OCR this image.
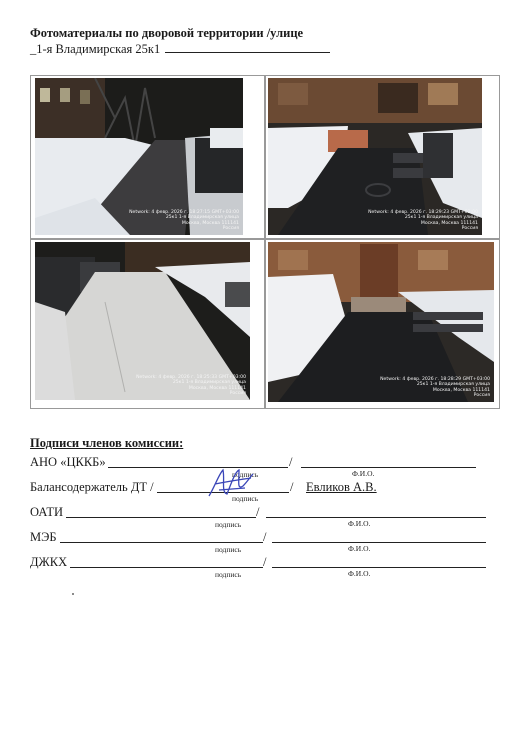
Фотоматериалы по дворовой территории /улице
_1-я Владимирская 25к1
Network: 4 февр. 2026 г. 18:27:15 GMT+03:00
25к1 1-я Владимирская улица
Москва, Москва 111141
Россия
Network: 4 февр. 2026 г. 18:29:23 GMT+03:00
25к1 1-я Владимирская улица
Москва, Москва 111141
Россия
Network: 4 февр. 2026 г. 18:25:33 GMT+03:00
25к1 1-я Владимирская улица
Москва, Москва 111141
Россия
Network: 4 февр. 2026 г. 18:28:29 GMT+03:00
25к1 1-я Владимирская улица
Москва, Москва 111141
Россия
Подписи членов комиссии:
АНО «ЦККБ»	/
подпись	Ф.И.О.
Балансодержатель ДТ /	/ Евликов А.В.
подпись
ОАТИ	/
подпись	Ф.И.О.
МЭБ	/
подпись	Ф.И.О.
ДЖКХ	/
подпись	Ф.И.О.
